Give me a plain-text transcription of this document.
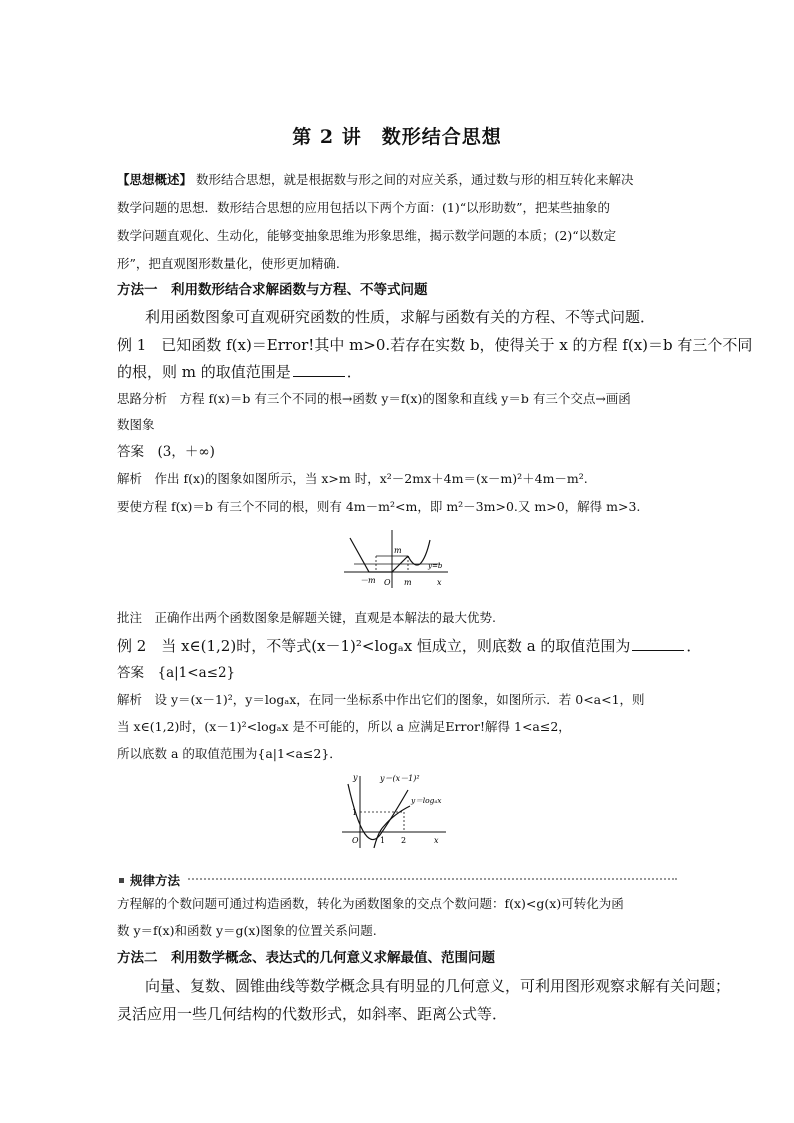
第 2 讲　数形结合思想
【思想概述】 数形结合思想，就是根据数与形之间的对应关系，通过数与形的相互转化来解决
数学问题的思想．数形结合思想的应用包括以下两个方面：(1)“以形助数”，把某些抽象的
数学问题直观化、生动化，能够变抽象思维为形象思维，揭示数学问题的本质；(2)“以数定
形”，把直观图形数量化，使形更加精确.
方法一　利用数形结合求解函数与方程、不等式问题
利用函数图象可直观研究函数的性质，求解与函数有关的方程、不等式问题．
例 1　已知函数 f(x)＝Error!其中 m>0.若存在实数 b，使得关于 x 的方程 f(x)＝b 有三个不同
的根，则 m 的取值范围是	．
思路分析　方程 f(x)＝b 有三个不同的根→函数 y＝f(x)的图象和直线 y＝b 有三个交点→画函
数图象
答案　(3，＋∞)
解析　作出 f(x)的图象如图所示，当 x>m 时，x²－2mx＋4m＝(x－m)²＋4m－m².
要使方程 f(x)＝b 有三个不同的根，则有 4m－m²<m，即 m²－3m>0.又 m>0，解得 m>3.
m
y=b
－m O m	x
批注　正确作出两个函数图象是解题关键，直观是本解法的最大优势.
例 2　当 x∈(1,2)时，不等式(x－1)²<logₐx 恒成立，则底数 a 的取值范围为	．
答案　{a|1<a≤2}
解析　设 y＝(x－1)²，y＝logₐx，在同一坐标系中作出它们的图象，如图所示．若 0<a<1，则
当 x∈(1,2)时，(x－1)²<logₐx 是不可能的，所以 a 应满足Error!解得 1<a≤2，
所以底数 a 的取值范围为{a|1<a≤2}．
y	y＝(x－1)²
y＝logₐx
1
O	1 2	x
规律方法
方程解的个数问题可通过构造函数，转化为函数图象的交点个数问题：f(x)<g(x)可转化为函
数 y＝f(x)和函数 y＝g(x)图象的位置关系问题.
方法二　利用数学概念、表达式的几何意义求解最值、范围问题
向量、复数、圆锥曲线等数学概念具有明显的几何意义，可利用图形观察求解有关问题；
灵活应用一些几何结构的代数形式，如斜率、距离公式等．
